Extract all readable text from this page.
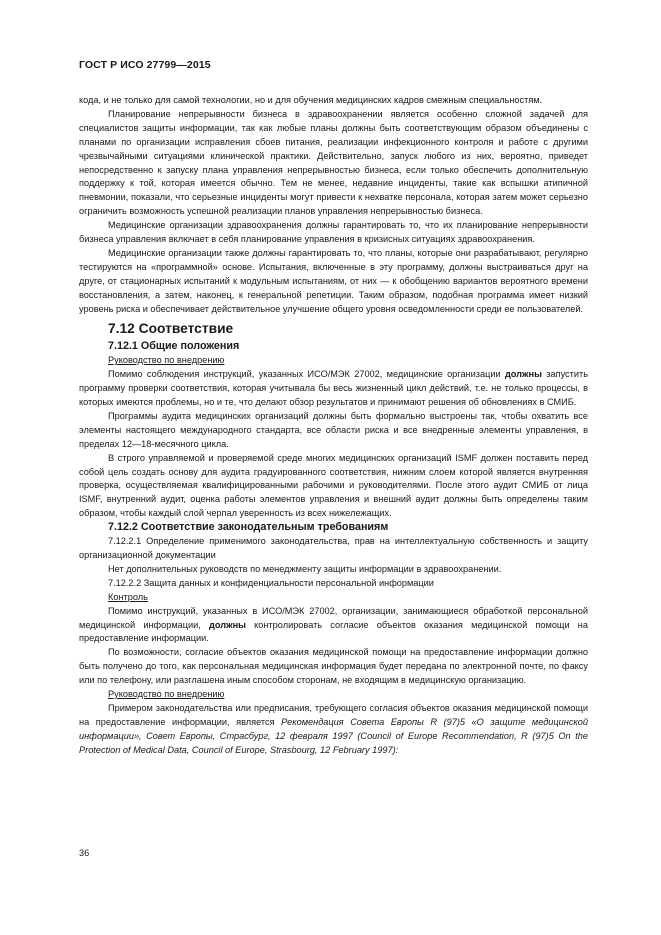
ГОСТ Р ИСО 27799—2015

кода, и не только для самой технологии, но и для обучения медицинских кадров смежным специальностям.

Планирование непрерывности бизнеса в здравоохранении является особенно сложной задачей для специалистов защиты информации, так как любые планы должны быть соответствующим образом объединены с планами по организации исправления сбоев питания, реализации инфекционного контроля и работе с другими чрезвычайными ситуациями клинической практики. Действительно, запуск любого из них, вероятно, приведет непосредственно к запуску плана управления непрерывностью бизнеса, если только обеспечить дополнительную поддержку к той, которая имеется обычно. Тем не менее, недавние инциденты, такие как вспышки атипичной пневмонии, показали, что серьезные инциденты могут привести к нехватке персонала, которая затем может серьезно ограничить возможность успешной реализации планов управления непрерывностью бизнеса.

Медицинские организации здравоохранения должны гарантировать то, что их планирование непрерывности бизнеса управления включает в себя планирование управления в кризисных ситуациях здравоохранения.

Медицинские организации также должны гарантировать то, что планы, которые они разрабатывают, регулярно тестируются на «программной» основе. Испытания, включенные в эту программу, должны выстраиваться друг на друге, от стационарных испытаний к модульным испытаниям, от них — к обобщению вариантов вероятного времени восстановления, а затем, наконец, к генеральной репетиции. Таким образом, подобная программа имеет низкий уровень риска и обеспечивает действительное улучшение общего уровня осведомленности среди ее пользователей.

7.12 Соответствие
7.12.1 Общие положения

Руководство по внедрению

Помимо соблюдения инструкций, указанных ИСО/МЭК 27002, медицинские организации должны запустить программу проверки соответствия, которая учитывала бы весь жизненный цикл действий, т.е. не только процессы, в которых имеются проблемы, но и те, что делают обзор результатов и принимают решения об обновлениях в СМИБ.

Программы аудита медицинских организаций должны быть формально выстроены так, чтобы охватить все элементы настоящего международного стандарта, все области риска и все внедренные элементы управления, в пределах 12—18-месячного цикла.

В строго управляемой и проверяемой среде многих медицинских организаций ISMF должен поставить перед собой цель создать основу для аудита градуированного соответствия, нижним слоем которой является внутренняя проверка, осуществляемая квалифицированными рабочими и руководителями. После этого аудит СМИБ от лица ISMF, внутренний аудит, оценка работы элементов управления и внешний аудит должны быть определены таким образом, чтобы каждый слой черпал уверенность из всех нижележащих.

7.12.2 Соответствие законодательным требованиям

7.12.2.1 Определение применимого законодательства, прав на интеллектуальную собственность и защиту организационной документации

Нет дополнительных руководств по менеджменту защиты информации в здравоохранении.

7.12.2.2 Защита данных и конфиденциальности персональной информации

Контроль

Помимо инструкций, указанных в ИСО/МЭК 27002, организации, занимающиеся обработкой персональной медицинской информации, должны контролировать согласие объектов оказания медицинской помощи на предоставление информации.

По возможности, согласие объектов оказания медицинской помощи на предоставление информации должно быть получено до того, как персональная медицинская информация будет передана по электронной почте, по факсу или по телефону, или разглашена иным способом сторонам, не входящим в медицинскую организацию.

Руководство по внедрению

Примером законодательства или предписания, требующего согласия объектов оказания медицинской помощи на предоставление информации, является Рекомендация Совета Европы R (97)5 «О защите медицинской информации», Совет Европы, Страсбург, 12 февраля 1997 (Council of Europe Recommendation, R (97)5 On the Protection of Medical Data, Council of Europe, Strasbourg, 12 February 1997):

36
